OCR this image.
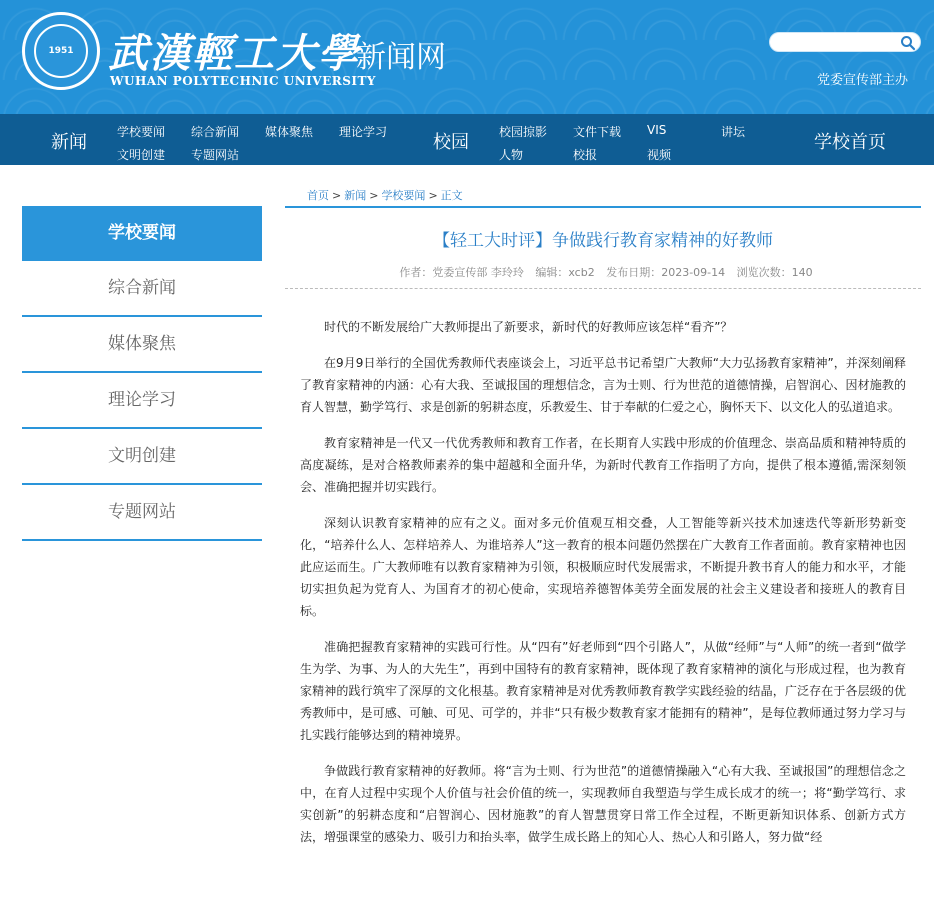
1951 武漢輕工大學
新闻网
WUHAN POLYTECHNIC UNIVERSITY	党委宣传部主办
新闻	学校要闻 综合新闻 媒体聚焦 理论学习
文明创建 专题网站
校园	校园掠影 文件下载 VIS	讲坛
人物	校报	视频
学校首页
学校要闻
综合新闻
媒体聚焦
理论学习
文明创建
专题网站
首页 > 新闻 > 学校要闻 > 正文
【轻工大时评】争做践行教育家精神的好教师
作者：党委宣传部 李玲玲 编辑：xcb2 发布日期：2023-09-14 浏览次数：140

时代的不断发展给广大教师提出了新要求，新时代的好教师应该怎样“看齐”？

在9月9日举行的全国优秀教师代表座谈会上，习近平总书记希望广大教师“大力弘扬教育家精神”，并深刻阐释了教育家精神的内涵：心有大我、至诚报国的理想信念，言为士则、行为世范的道德情操，启智润心、因材施教的育人智慧，勤学笃行、求是创新的躬耕态度，乐教爱生、甘于奉献的仁爱之心，胸怀天下、以文化人的弘道追求。

教育家精神是一代又一代优秀教师和教育工作者，在长期育人实践中形成的价值理念、崇高品质和精神特质的高度凝练，是对合格教师素养的集中超越和全面升华，为新时代教育工作指明了方向，提供了根本遵循,需深刻领会、准确把握并切实践行。

深刻认识教育家精神的应有之义。面对多元价值观互相交叠，人工智能等新兴技术加速迭代等新形势新变化，“培养什么人、怎样培养人、为谁培养人”这一教育的根本问题仍然摆在广大教育工作者面前。教育家精神也因此应运而生。广大教师唯有以教育家精神为引领，积极顺应时代发展需求，不断提升教书育人的能力和水平，才能切实担负起为党育人、为国育才的初心使命，实现培养德智体美劳全面发展的社会主义建设者和接班人的教育目标。

准确把握教育家精神的实践可行性。从“四有”好老师到“四个引路人”，从做“经师”与“人师”的统一者到“做学生为学、为事、为人的大先生”，再到中国特有的教育家精神，既体现了教育家精神的演化与形成过程，也为教育家精神的践行筑牢了深厚的文化根基。教育家精神是对优秀教师教育教学实践经验的结晶，广泛存在于各层级的优秀教师中，是可感、可触、可见、可学的，并非“只有极少数教育家才能拥有的精神”，是每位教师通过努力学习与扎实践行能够达到的精神境界。

争做践行教育家精神的好教师。将“言为士则、行为世范”的道德情操融入“心有大我、至诚报国”的理想信念之中，在育人过程中实现个人价值与社会价值的统一，实现教师自我塑造与学生成长成才的统一；将“勤学笃行、求实创新”的躬耕态度和“启智润心、因材施教”的育人智慧贯穿日常工作全过程，不断更新知识体系、创新方式方法，增强课堂的感染力、吸引力和抬头率，做学生成长路上的知心人、热心人和引路人，努力做“经
